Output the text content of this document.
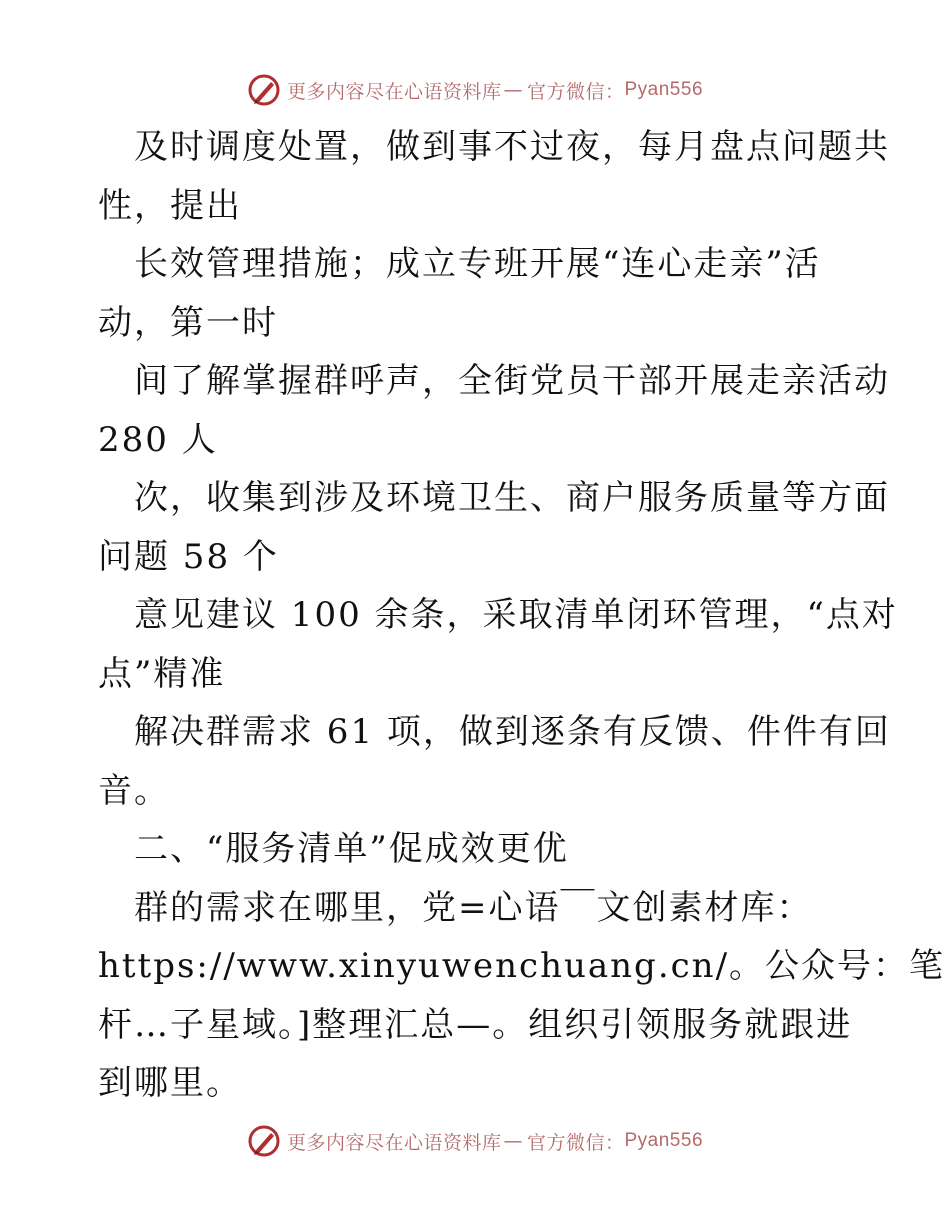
更多内容尽在心语资料库 — 官方微信： Pyan556
及时调度处置，做到事不过夜，每月盘点问题共
性，提出
长效管理措施；成立专班开展“连心走亲”活
动，第一时
间了解掌握群呼声，全街党员干部开展走亲活动
280 人
次，收集到涉及环境卫生、商户服务质量等方面
问题 58 个
意见建议 100 余条，采取清单闭环管理，“点对
点”精准
解决群需求 61 项，做到逐条有反馈、件件有回
音。
二、“服务清单”促成效更优
群的需求在哪里，党=心语￣文创素材库：
https://www.xinyuwenchuang.cn/。公众号：笔
杆…子星域。]整理汇总—。组织引领服务就跟进
到哪里。
更多内容尽在心语资料库 — 官方微信： Pyan556
